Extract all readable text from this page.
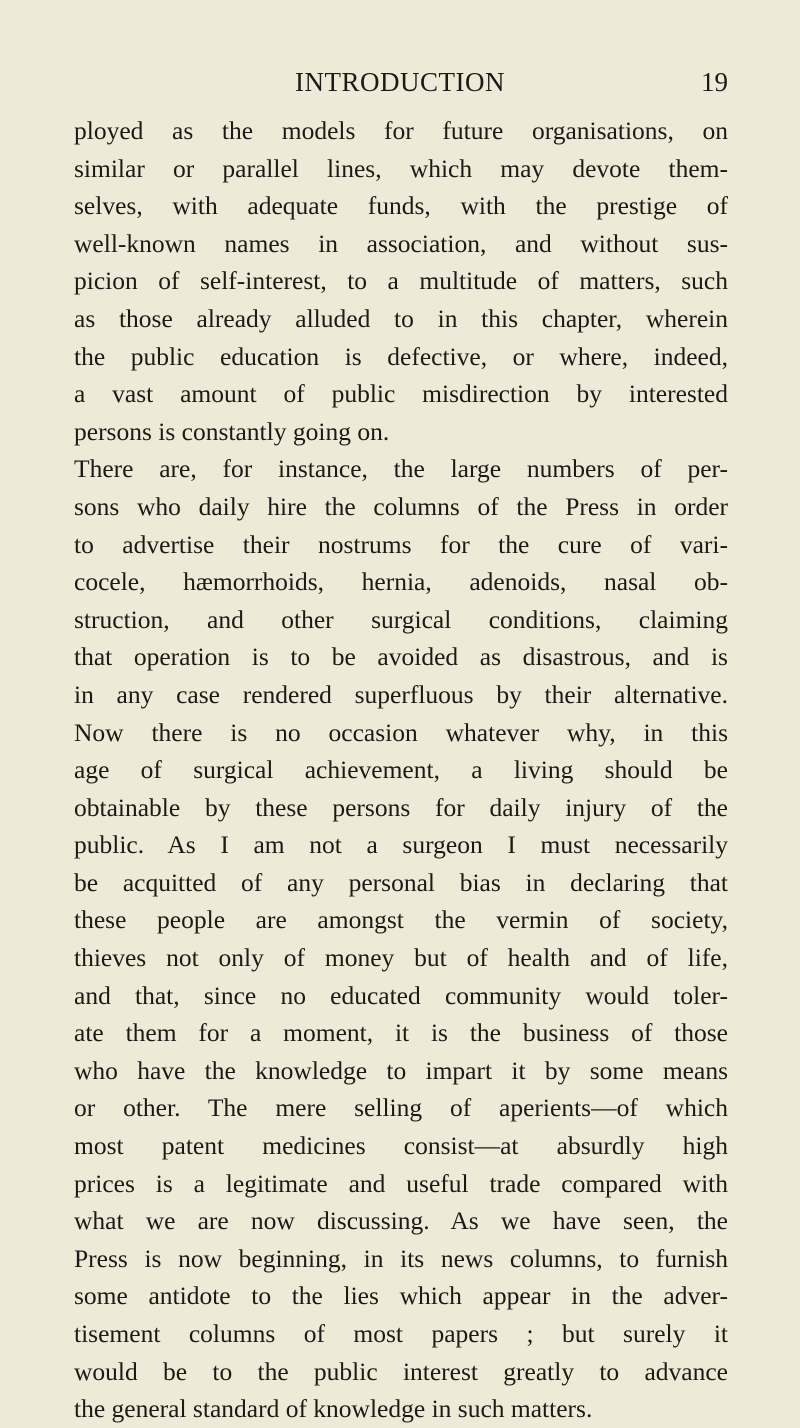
INTRODUCTION	19
ployed as the models for future organisations, on
similar or parallel lines, which may devote them-
selves, with adequate funds, with the prestige of
well-known names in association, and without sus-
picion of self-interest, to a multitude of matters, such
as those already alluded to in this chapter, wherein
the public education is defective, or where, indeed,
a vast amount of public misdirection by interested
persons is constantly going on.
There are, for instance, the large numbers of per-
sons who daily hire the columns of the Press in order
to advertise their nostrums for the cure of vari-
cocele, hæmorrhoids, hernia, adenoids, nasal ob-
struction, and other surgical conditions, claiming
that operation is to be avoided as disastrous, and is
in any case rendered superfluous by their alternative.
Now there is no occasion whatever why, in this
age of surgical achievement, a living should be
obtainable by these persons for daily injury of the
public. As I am not a surgeon I must necessarily
be acquitted of any personal bias in declaring that
these people are amongst the vermin of society,
thieves not only of money but of health and of life,
and that, since no educated community would toler-
ate them for a moment, it is the business of those
who have the knowledge to impart it by some means
or other. The mere selling of aperients—of which
most patent medicines consist—at absurdly high
prices is a legitimate and useful trade compared with
what we are now discussing. As we have seen, the
Press is now beginning, in its news columns, to furnish
some antidote to the lies which appear in the adver-
tisement columns of most papers ; but surely it
would be to the public interest greatly to advance
the general standard of knowledge in such matters.
